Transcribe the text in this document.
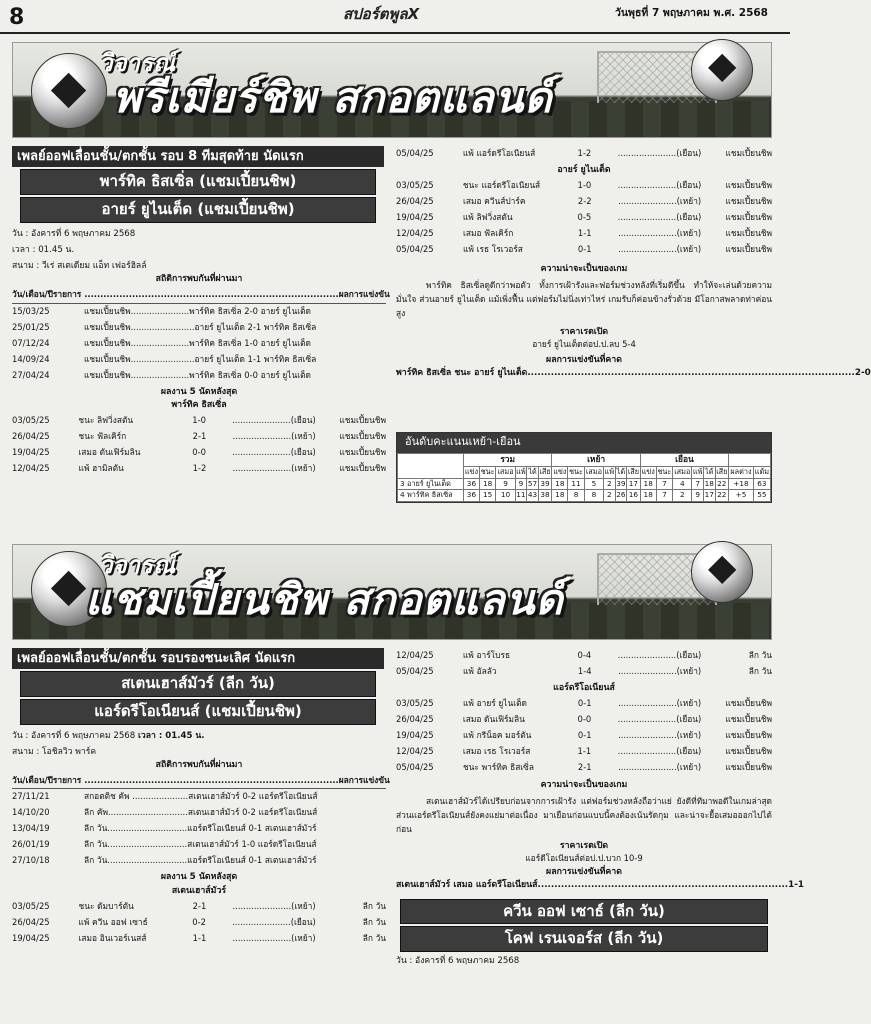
8	สปอร์ตพูลX	วันพุธที่ 7 พฤษภาคม พ.ศ. 2568
วิจารณ์
พรีเมียร์ชิพ สกอตแลนด์
เพลย์ออฟเลื่อนชั้น/ตกชั้น รอบ 8 ทีมสุดท้าย นัดแรก
พาร์ทิค ธิสเซิ่ล (แชมเปี้ยนชิพ)
อายร์ ยูไนเต็ด (แชมเปี้ยนชิพ)
วัน : อังคารที่ 6 พฤษภาคม 2568
เวลา : 01.45 น.
สนาม : วีเร่ สเตเดียม แอ็ท เฟอร์ฮิลล์
สถิติการพบกันที่ผ่านมา
วัน/เดือน/ปี รายการ ................................................................................ผลการแข่งขัน
15/03/25	แชมเปี้ยนชิพ......................พาร์ทิค ธิสเซิ่ล 2-0 อายร์ ยูไนเต็ด
25/01/25	แชมเปี้ยนชิพ........................อายร์ ยูไนเต็ด 2-1 พาร์ทิค ธิสเซิ่ล
07/12/24	แชมเปี้ยนชิพ......................พาร์ทิค ธิสเซิ่ล 1-0 อายร์ ยูไนเต็ด
14/09/24	แชมเปี้ยนชิพ........................อายร์ ยูไนเต็ด 1-1 พาร์ทิค ธิสเซิ่ล
27/04/24	แชมเปี้ยนชิพ......................พาร์ทิค ธิสเซิ่ล 0-0 อายร์ ยูไนเต็ด
ผลงาน 5 นัดหลังสุด
พาร์ทิค ธิสเซิ่ล
03/05/25	ชนะ ลิฟวิ่งสตัน	1-0	......................(เยือน)	แชมเปี้ยนชิพ
26/04/25	ชนะ ฟัลเคิร์ก	2-1	......................(เหย้า)	แชมเปี้ยนชิพ
19/04/25	เสมอ ดันเฟิร์มลิน	0-0	......................(เยือน)	แชมเปี้ยนชิพ
12/04/25	แพ้ ฮามิลตัน	1-2	......................(เหย้า)	แชมเปี้ยนชิพ
05/04/25	แพ้ แอร์ดรีโอเนียนส์	1-2	......................(เยือน)	แชมเปี้ยนชิพ
อายร์ ยูไนเต็ด
03/05/25	ชนะ แอร์ดรีโอเนียนส์	1-0	......................(เยือน)	แชมเปี้ยนชิพ
26/04/25	เสมอ ควีนส์ปาร์ค	2-2	......................(เหย้า)	แชมเปี้ยนชิพ
19/04/25	แพ้ ลิฟวิ่งสตัน	0-5	......................(เยือน)	แชมเปี้ยนชิพ
12/04/25	เสมอ ฟัลเคิร์ก	1-1	......................(เหย้า)	แชมเปี้ยนชิพ
05/04/25	แพ้ เรธ โรเวอร์ส	0-1	......................(เหย้า)	แชมเปี้ยนชิพ
ความน่าจะเป็นของเกม
พาร์ทิค ธิสเซิ่ลดูดีกว่าพอตัว ทั้งการเฝ้ารังและฟอร์มช่วงหลังที่เริ่มดีขึ้น ทำให้จะเล่นด้วยความมั่นใจ ส่วนอายร์ ยูไนเต็ด แม้เพิ่งฟื้น แต่ฟอร์มไม่นิ่งเท่าไหร่ เกมรับก็ค่อนข้างรั่วด้วย มีโอกาสพลาดท่าค่อนสูง
ราคาเรตเปิด
อายร์ ยูไนเต็ดต่อป.ป.ลบ 5-4
ผลการแข่งขันที่คาด
พาร์ทิค ธิสเซิ่ล ชนะ อายร์ ยูไนเต็ด.................................................................................................. 2-0
อันดับคะแนนเหย้า-เยือน
	รวม						เหย้า						เยือน							
	แข่ง	ชนะ	เสมอ	แพ้	ได้	เสีย	แข่ง	ชนะ	เสมอ	แพ้	ได้	เสีย	แข่ง	ชนะ	เสมอ	แพ้	ได้	เสีย	ผลต่าง	แต้ม
3 อายร์ ยูไนเต็ด	36	18	9	9	57	39	18	11	5	2	39	17	18	7	4	7	18	22	+18	63
4 พาร์ทิค ธิสเซิ่ล	36	15	10	11	43	38	18	8	8	2	26	16	18	7	2	9	17	22	+5	55
วิจารณ์
แชมเปี้ยนชิพ สกอตแลนด์
เพลย์ออฟเลื่อนชั้น/ตกชั้น รอบรองชนะเลิศ นัดแรก
สเตนเฮาส์มัวร์ (ลีก วัน)
แอร์ดรีโอเนียนส์ (แชมเปี้ยนชิพ)
วัน : อังคารที่ 6 พฤษภาคม 2568 เวลา : 01.45 น.
สนาม : โอชิลวิว พาร์ค
สถิติการพบกันที่ผ่านมา
วัน/เดือน/ปี รายการ ................................................................................ผลการแข่งขัน
27/11/21	สกอตติช คัพ .....................สเตนเฮาส์มัวร์ 0-2 แอร์ดรีโอเนียนส์
14/10/20	ลีก คัพ..............................สเตนเฮาส์มัวร์ 0-2 แอร์ดรีโอเนียนส์
13/04/19	ลีก วัน..............................แอร์ดรีโอเนียนส์ 0-1 สเตนเฮาส์มัวร์
26/01/19	ลีก วัน..............................สเตนเฮาส์มัวร์ 1-0 แอร์ดรีโอเนียนส์
27/10/18	ลีก วัน..............................แอร์ดรีโอเนียนส์ 0-1 สเตนเฮาส์มัวร์
ผลงาน 5 นัดหลังสุด
สเตนเฮาส์มัวร์
03/05/25	ชนะ ดัมบาร์ตัน	2-1	......................(เหย้า)	ลีก วัน
26/04/25	แพ้ ควีน ออฟ เซาธ์	0-2	......................(เยือน)	ลีก วัน
19/04/25	เสมอ อินเวอร์เนสส์	1-1	......................(เหย้า)	ลีก วัน
12/04/25	แพ้ อาร์โบรธ	0-4	......................(เยือน)	ลีก วัน
05/04/25	แพ้ อัลลัว	1-4	......................(เหย้า)	ลีก วัน
แอร์ดรีโอเนียนส์
03/05/25	แพ้ อายร์ ยูไนเต็ด	0-1	......................(เหย้า)	แชมเปี้ยนชิพ
26/04/25	เสมอ ดันเฟิร์มลิน	0-0	......................(เยือน)	แชมเปี้ยนชิพ
19/04/25	แพ้ กรีน็อค มอร์ตัน	0-1	......................(เหย้า)	แชมเปี้ยนชิพ
12/04/25	เสมอ เรธ โรเวอร์ส	1-1	......................(เยือน)	แชมเปี้ยนชิพ
05/04/25	ชนะ พาร์ทิค ธิสเซิ่ล	2-1	......................(เหย้า)	แชมเปี้ยนชิพ
ความน่าจะเป็นของเกม
สเตนเฮาส์มัวร์ได้เปรียบก่อนจากการเฝ้ารัง แต่ฟอร์มช่วงหลังถือว่าแย่ ยังดีที่ทีมาพอดีในเกมล่าสุด ส่วนแอร์ดรีโอเนียนส์ยังคงแย่มาต่อเนื่อง มาเยือนก่อนแบบนี้คงต้องเน้นรัดกุม และน่าจะยื้อเสมอออกไปได้ก่อน
ราคาเรตเปิด
แอร์ดีโอเนียนส์ต่อป.ป.บวก 10-9
ผลการแข่งขันที่คาด
สเตนเฮาส์มัวร์ เสมอ แอร์ดรีโอเนียนส์........................................................................... 1-1
ควีน ออฟ เซาธ์ (ลีก วัน)
โคฟ เรนเจอร์ส (ลีก วัน)
วัน : อังคารที่ 6 พฤษภาคม 2568
